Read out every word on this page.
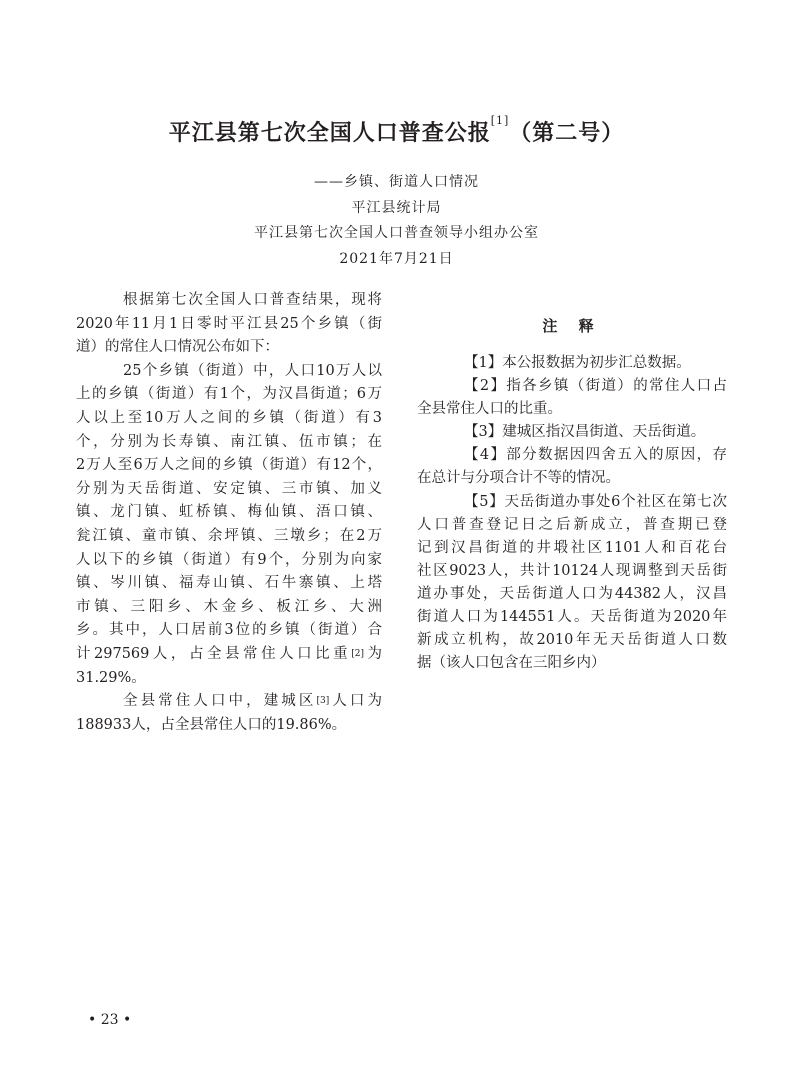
平江县第七次全国人口普查公报[1]（第二号）
——乡镇、街道人口情况
平江县统计局
平江县第七次全国人口普查领导小组办公室
2021年7月21日
根据第七次全国人口普查结果，现将
2020年11月1日零时平江县25个乡镇（街
道）的常住人口情况公布如下：
25个乡镇（街道）中，人口10万人以
上的乡镇（街道）有1个，为汉昌街道；6万
人以上至10万人之间的乡镇（街道）有3
个，分别为长寿镇、南江镇、伍市镇；在
2万人至6万人之间的乡镇（街道）有12个，
分别为天岳街道、安定镇、三市镇、加义
镇、龙门镇、虹桥镇、梅仙镇、浯口镇、
瓮江镇、童市镇、余坪镇、三墩乡；在2万
人以下的乡镇（街道）有9个，分别为向家
镇、岑川镇、福寿山镇、石牛寨镇、上塔
市镇、三阳乡、木金乡、板江乡、大洲
乡。其中，人口居前3位的乡镇（街道）合
计297569人，占全县常住人口比重[2]为
31.29%。
全县常住人口中，建城区[3]人口为
188933人，占全县常住人口的19.86%。
注 释
【1】本公报数据为初步汇总数据。
【2】指各乡镇（街道）的常住人口占
全县常住人口的比重。
【3】建城区指汉昌街道、天岳街道。
【4】部分数据因四舍五入的原因，存
在总计与分项合计不等的情况。
【5】天岳街道办事处6个社区在第七次
人口普查登记日之后新成立，普查期已登
记到汉昌街道的井塅社区1101人和百花台
社区9023人，共计10124人现调整到天岳街
道办事处，天岳街道人口为44382人，汉昌
街道人口为144551人。天岳街道为2020年
新成立机构，故2010年无天岳街道人口数
据（该人口包含在三阳乡内）
• 23 •
